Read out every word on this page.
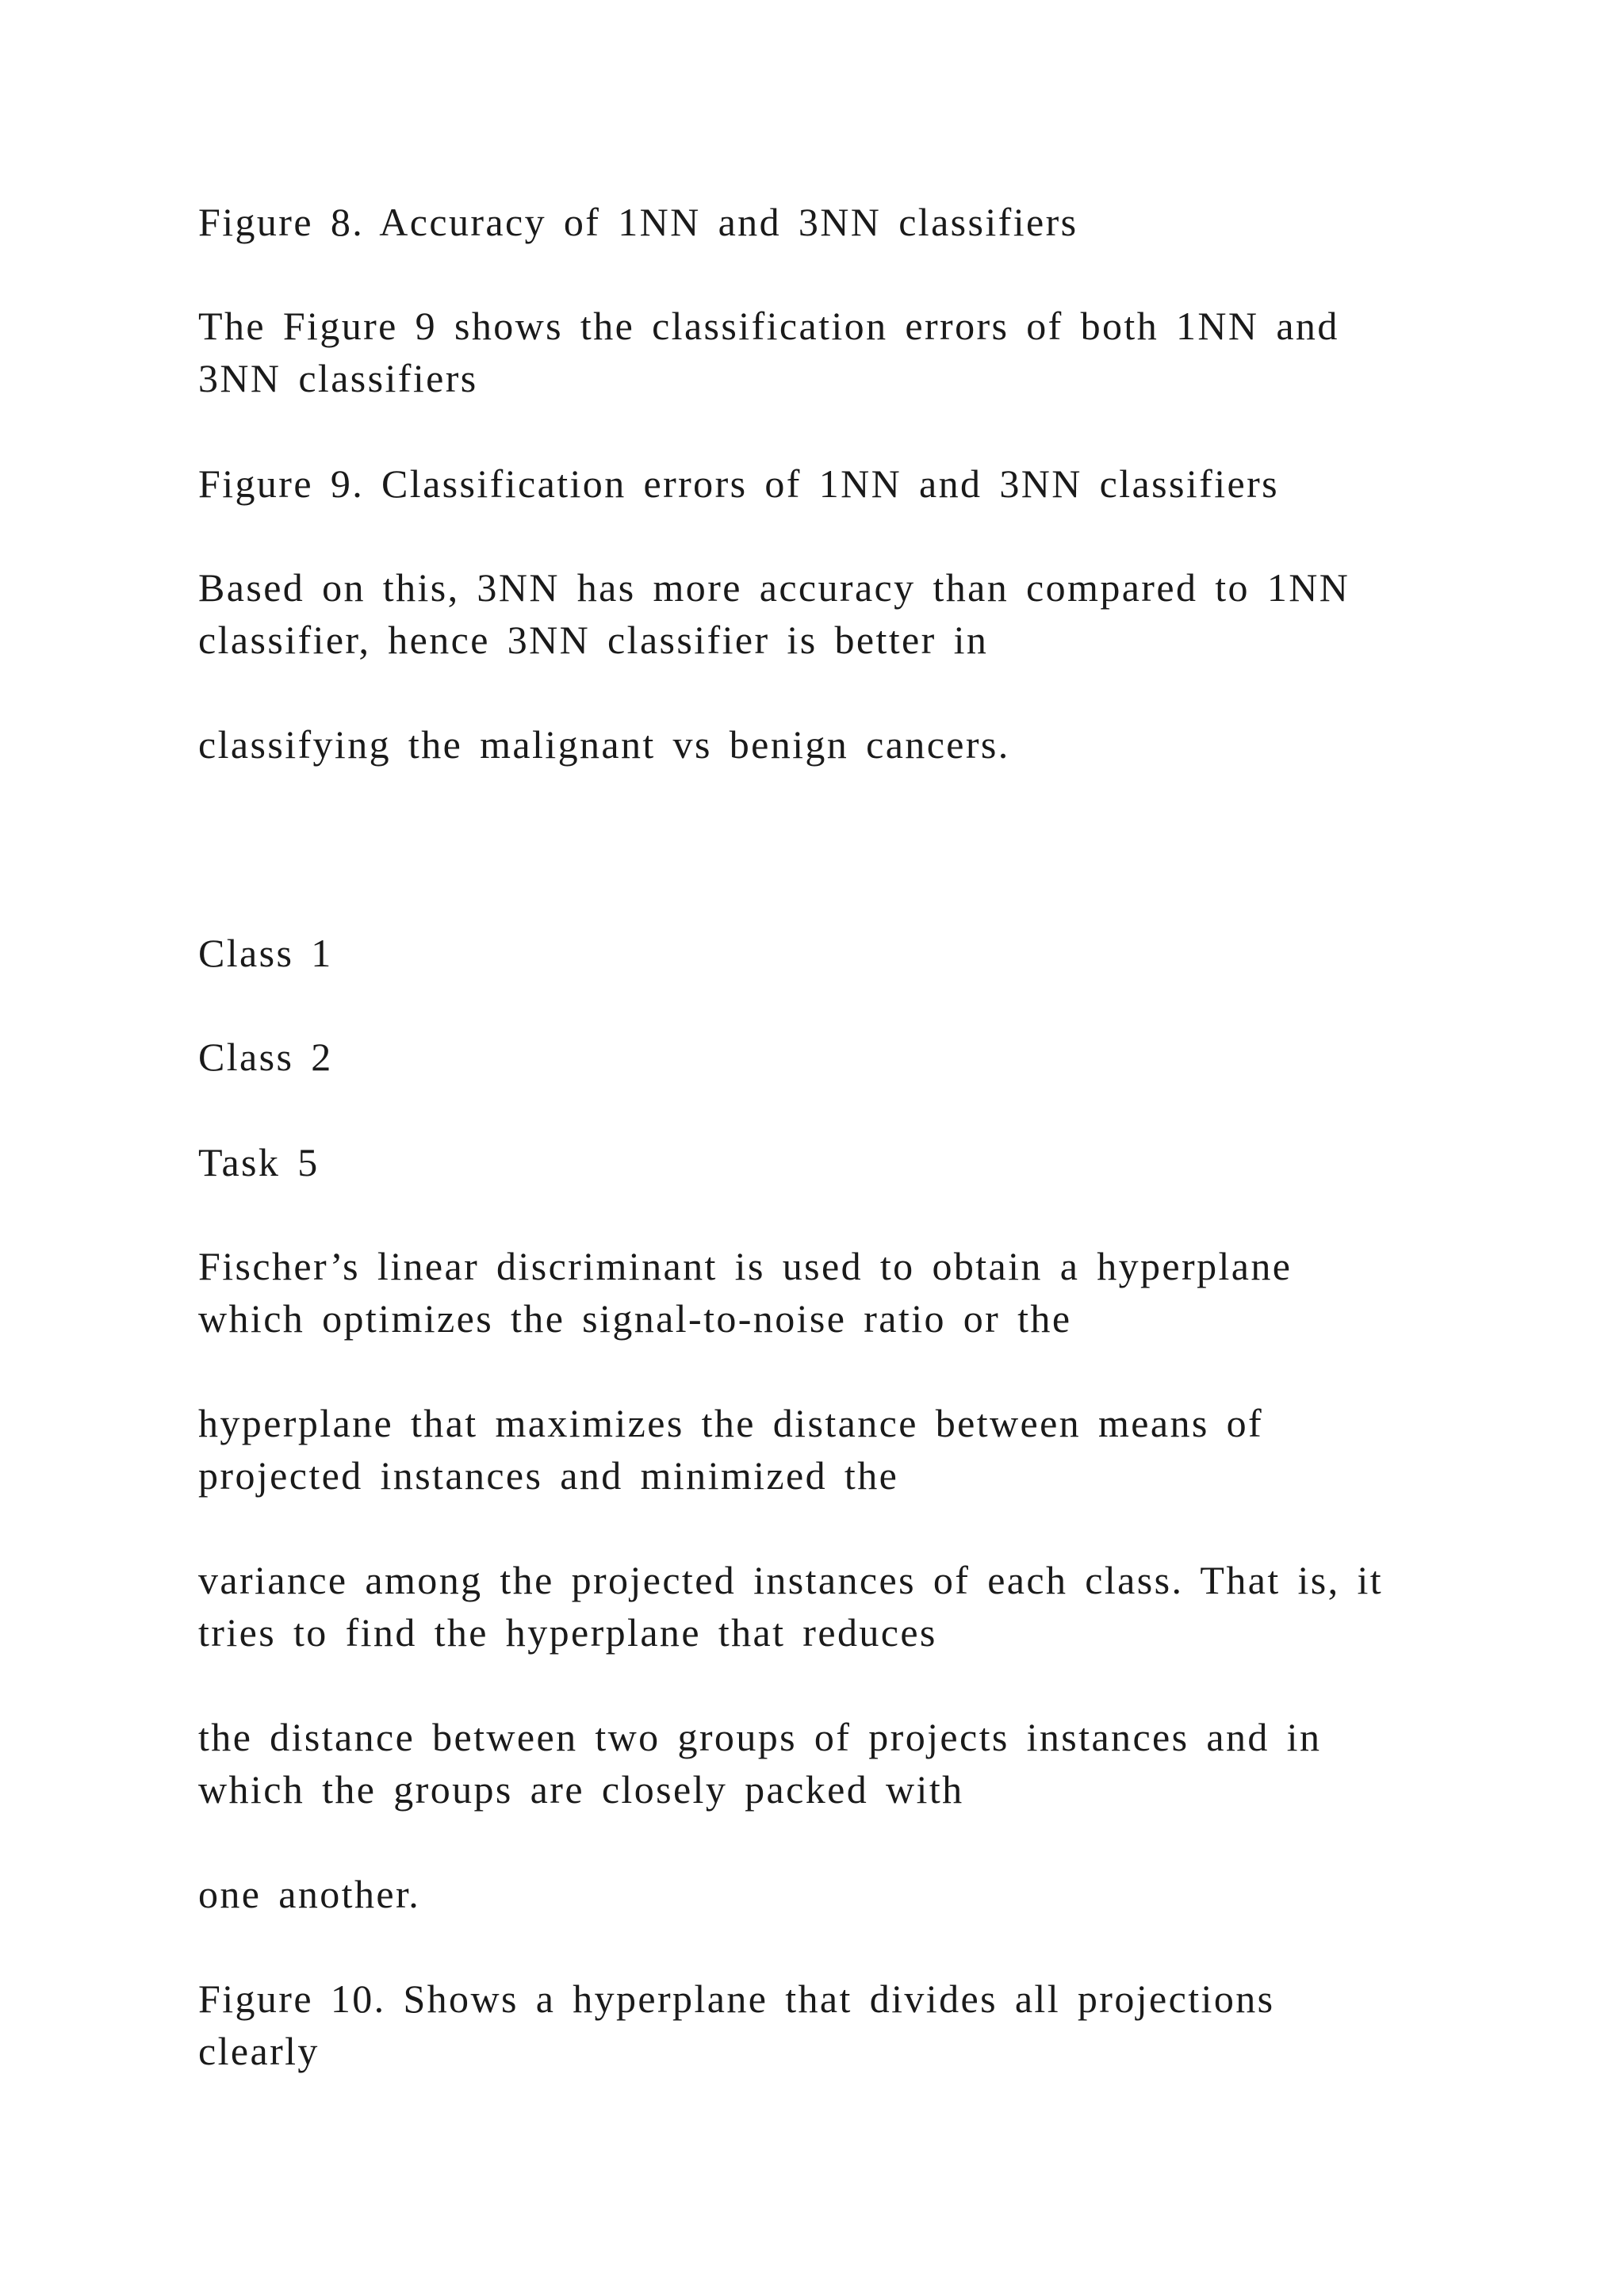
Figure 8. Accuracy of 1NN and 3NN classifiers

The Figure 9 shows the classification errors of both 1NN and

3NN classifiers

Figure 9. Classification errors of 1NN and 3NN classifiers

Based on this, 3NN has more accuracy than compared to 1NN

classifier, hence 3NN classifier is better in

classifying the malignant vs benign cancers.

Class 1

Class 2

Task 5

Fischer’s linear discriminant is used to obtain a hyperplane

which optimizes the signal-to-noise ratio or the

hyperplane that maximizes the distance between means of

projected instances and minimized the

variance among the projected instances of each class. That is, it

tries to find the hyperplane that reduces

the distance between two groups of projects instances and in

which the groups are closely packed with

one another.

Figure 10. Shows a hyperplane that divides all projections

clearly
